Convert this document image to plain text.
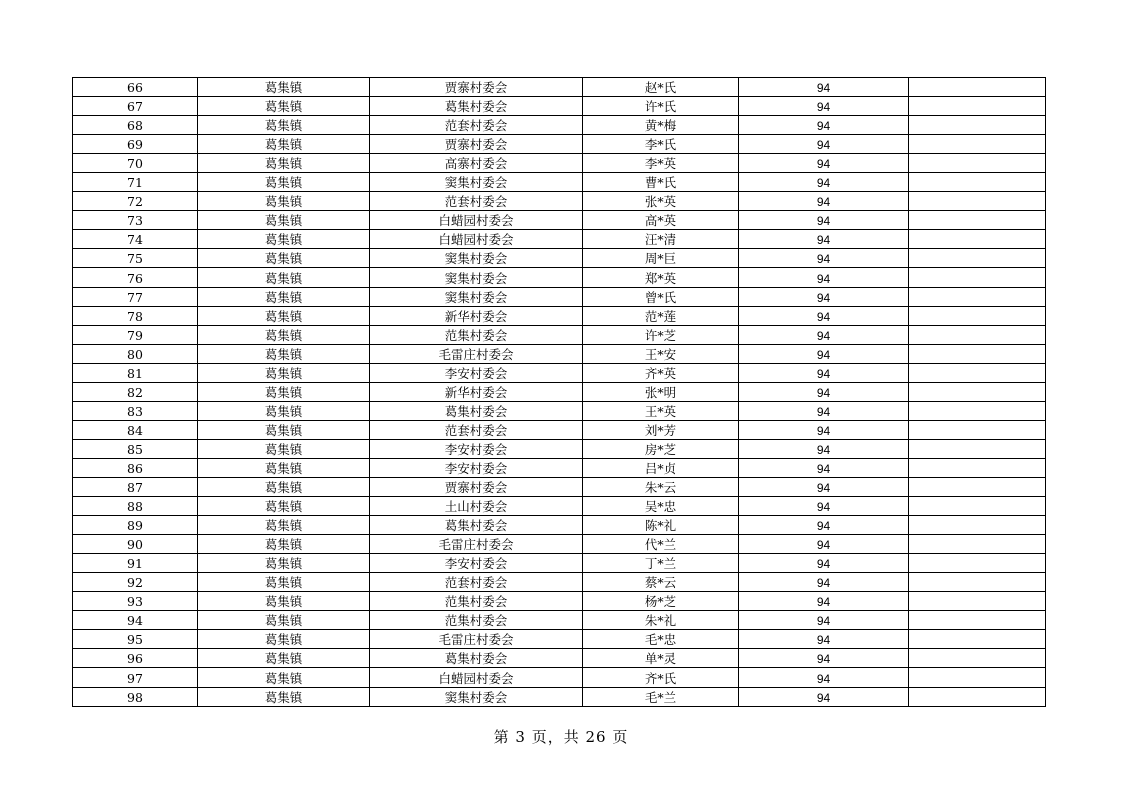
66	葛集镇	贾寨村委会	赵*氏	94	
67	葛集镇	葛集村委会	许*氏	94	
68	葛集镇	范套村委会	黄*梅	94	
69	葛集镇	贾寨村委会	李*氏	94	
70	葛集镇	高寨村委会	李*英	94	
71	葛集镇	窦集村委会	曹*氏	94	
72	葛集镇	范套村委会	张*英	94	
73	葛集镇	白蜡园村委会	高*英	94	
74	葛集镇	白蜡园村委会	汪*清	94	
75	葛集镇	窦集村委会	周*巨	94	
76	葛集镇	窦集村委会	郑*英	94	
77	葛集镇	窦集村委会	曾*氏	94	
78	葛集镇	新华村委会	范*莲	94	
79	葛集镇	范集村委会	许*芝	94	
80	葛集镇	毛雷庄村委会	王*安	94	
81	葛集镇	李安村委会	齐*英	94	
82	葛集镇	新华村委会	张*明	94	
83	葛集镇	葛集村委会	王*英	94	
84	葛集镇	范套村委会	刘*芳	94	
85	葛集镇	李安村委会	房*芝	94	
86	葛集镇	李安村委会	吕*贞	94	
87	葛集镇	贾寨村委会	朱*云	94	
88	葛集镇	土山村委会	吴*忠	94	
89	葛集镇	葛集村委会	陈*礼	94	
90	葛集镇	毛雷庄村委会	代*兰	94	
91	葛集镇	李安村委会	丁*兰	94	
92	葛集镇	范套村委会	蔡*云	94	
93	葛集镇	范集村委会	杨*芝	94	
94	葛集镇	范集村委会	朱*礼	94	
95	葛集镇	毛雷庄村委会	毛*忠	94	
96	葛集镇	葛集村委会	单*灵	94	
97	葛集镇	白蜡园村委会	齐*氏	94	
98	葛集镇	窦集村委会	毛*兰	94	
第 3 页，共 26 页
